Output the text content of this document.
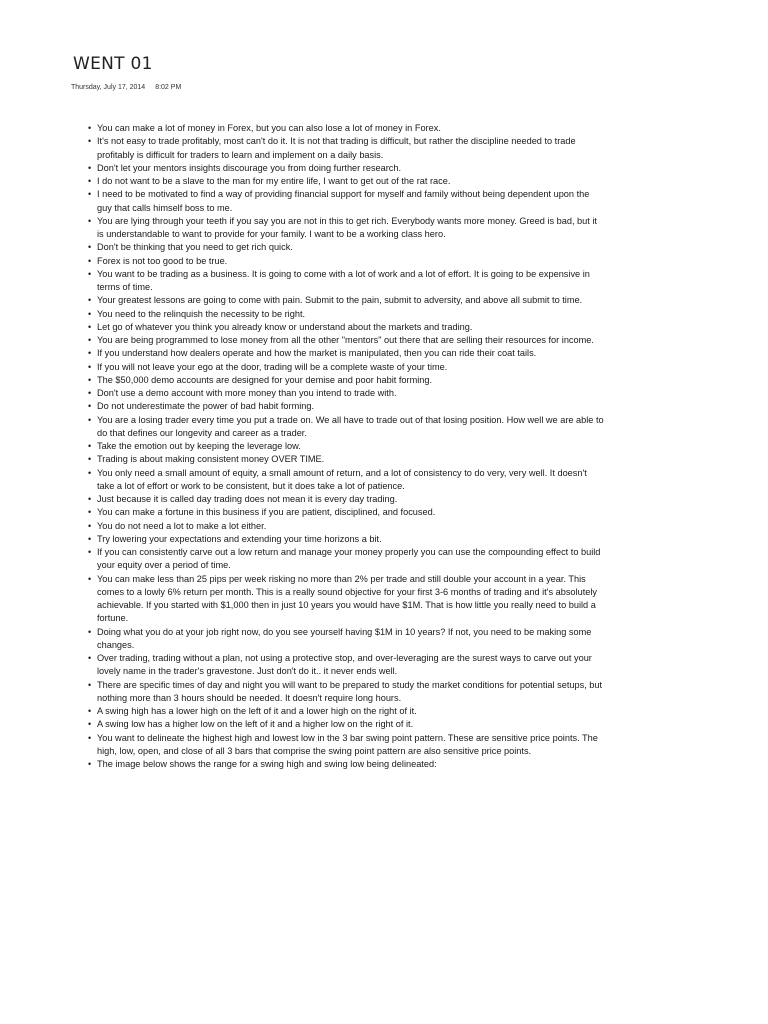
WENT 01
Thursday, July 17, 2014 8:02 PM
• You can make a lot of money in Forex, but you can also lose a lot of money in Forex.
• It's not easy to trade profitably, most can't do it. It is not that trading is difficult, but rather the discipline needed to trade profitably is difficult for traders to learn and implement on a daily basis.
• Don't let your mentors insights discourage you from doing further research.
• I do not want to be a slave to the man for my entire life, I want to get out of the rat race.
• I need to be motivated to find a way of providing financial support for myself and family without being dependent upon the guy that calls himself boss to me.
• You are lying through your teeth if you say you are not in this to get rich. Everybody wants more money. Greed is bad, but it is understandable to want to provide for your family. I want to be a working class hero.
• Don't be thinking that you need to get rich quick.
• Forex is not too good to be true.
• You want to be trading as a business. It is going to come with a lot of work and a lot of effort. It is going to be expensive in terms of time.
• Your greatest lessons are going to come with pain. Submit to the pain, submit to adversity, and above all submit to time.
• You need to the relinquish the necessity to be right.
• Let go of whatever you think you already know or understand about the markets and trading.
• You are being programmed to lose money from all the other "mentors" out there that are selling their resources for income.
• If you understand how dealers operate and how the market is manipulated, then you can ride their coat tails.
• If you will not leave your ego at the door, trading will be a complete waste of your time.
• The $50,000 demo accounts are designed for your demise and poor habit forming.
• Don't use a demo account with more money than you intend to trade with.
• Do not underestimate the power of bad habit forming.
• You are a losing trader every time you put a trade on. We all have to trade out of that losing position. How well we are able to do that defines our longevity and career as a trader.
• Take the emotion out by keeping the leverage low.
• Trading is about making consistent money OVER TIME.
• You only need a small amount of equity, a small amount of return, and a lot of consistency to do very, very well. It doesn't take a lot of effort or work to be consistent, but it does take a lot of patience.
• Just because it is called day trading does not mean it is every day trading.
• You can make a fortune in this business if you are patient, disciplined, and focused.
• You do not need a lot to make a lot either.
• Try lowering your expectations and extending your time horizons a bit.
• If you can consistently carve out a low return and manage your money properly you can use the compounding effect to build your equity over a period of time.
• You can make less than 25 pips per week risking no more than 2% per trade and still double your account in a year. This comes to a lowly 6% return per month. This is a really sound objective for your first 3-6 months of trading and it's absolutely achievable. If you started with $1,000 then in just 10 years you would have $1M. That is how little you really need to build a fortune.
• Doing what you do at your job right now, do you see yourself having $1M in 10 years? If not, you need to be making some changes.
• Over trading, trading without a plan, not using a protective stop, and over-leveraging are the surest ways to carve out your lovely name in the trader's gravestone. Just don't do it.. it never ends well.
• There are specific times of day and night you will want to be prepared to study the market conditions for potential setups, but nothing more than 3 hours should be needed. It doesn't require long hours.
• A swing high has a lower high on the left of it and a lower high on the right of it.
• A swing low has a higher low on the left of it and a higher low on the right of it.
• You want to delineate the highest high and lowest low in the 3 bar swing point pattern. These are sensitive price points. The high, low, open, and close of all 3 bars that comprise the swing point pattern are also sensitive price points.
• The image below shows the range for a swing high and swing low being delineated:
